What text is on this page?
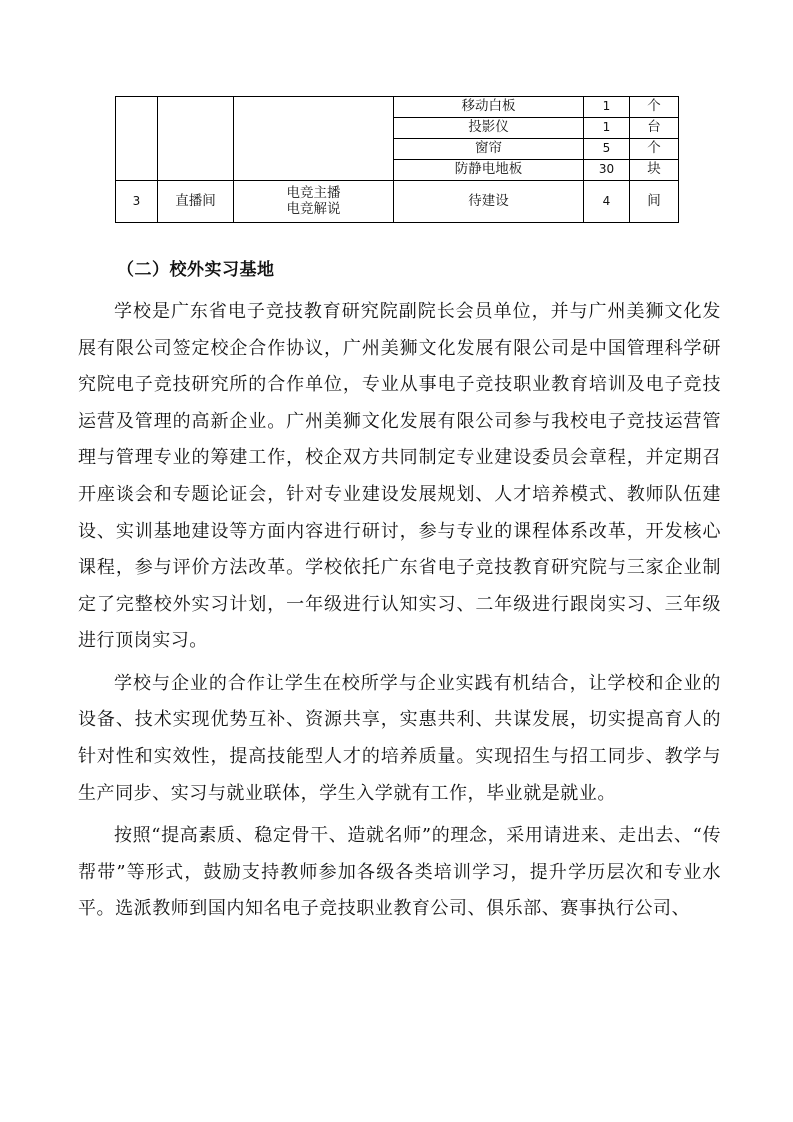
			移动白板	1	个
			投影仪	1	台
			窗帘	5	个
			防静电地板	30	块
3	直播间	电竞主播
电竞解说	待建设	4	间
（二）校外实习基地

学校是广东省电子竞技教育研究院副院长会员单位，并与广州美狮文化发展有限公司签定校企合作协议，广州美狮文化发展有限公司是中国管理科学研究院电子竞技研究所的合作单位，专业从事电子竞技职业教育培训及电子竞技运营及管理的高新企业。广州美狮文化发展有限公司参与我校电子竞技运营管理与管理专业的筹建工作，校企双方共同制定专业建设委员会章程，并定期召开座谈会和专题论证会，针对专业建设发展规划、人才培养模式、教师队伍建设、实训基地建设等方面内容进行研讨，参与专业的课程体系改革，开发核心课程，参与评价方法改革。学校依托广东省电子竞技教育研究院与三家企业制定了完整校外实习计划，一年级进行认知实习、二年级进行跟岗实习、三年级进行顶岗实习。

学校与企业的合作让学生在校所学与企业实践有机结合，让学校和企业的设备、技术实现优势互补、资源共享，实惠共利、共谋发展，切实提高育人的针对性和实效性，提高技能型人才的培养质量。实现招生与招工同步、教学与生产同步、实习与就业联体，学生入学就有工作，毕业就是就业。

按照“提高素质、稳定骨干、造就名师”的理念，采用请进来、走出去、“传帮带”等形式，鼓励支持教师参加各级各类培训学习，提升学历层次和专业水平。选派教师到国内知名电子竞技职业教育公司、俱乐部、赛事执行公司、
